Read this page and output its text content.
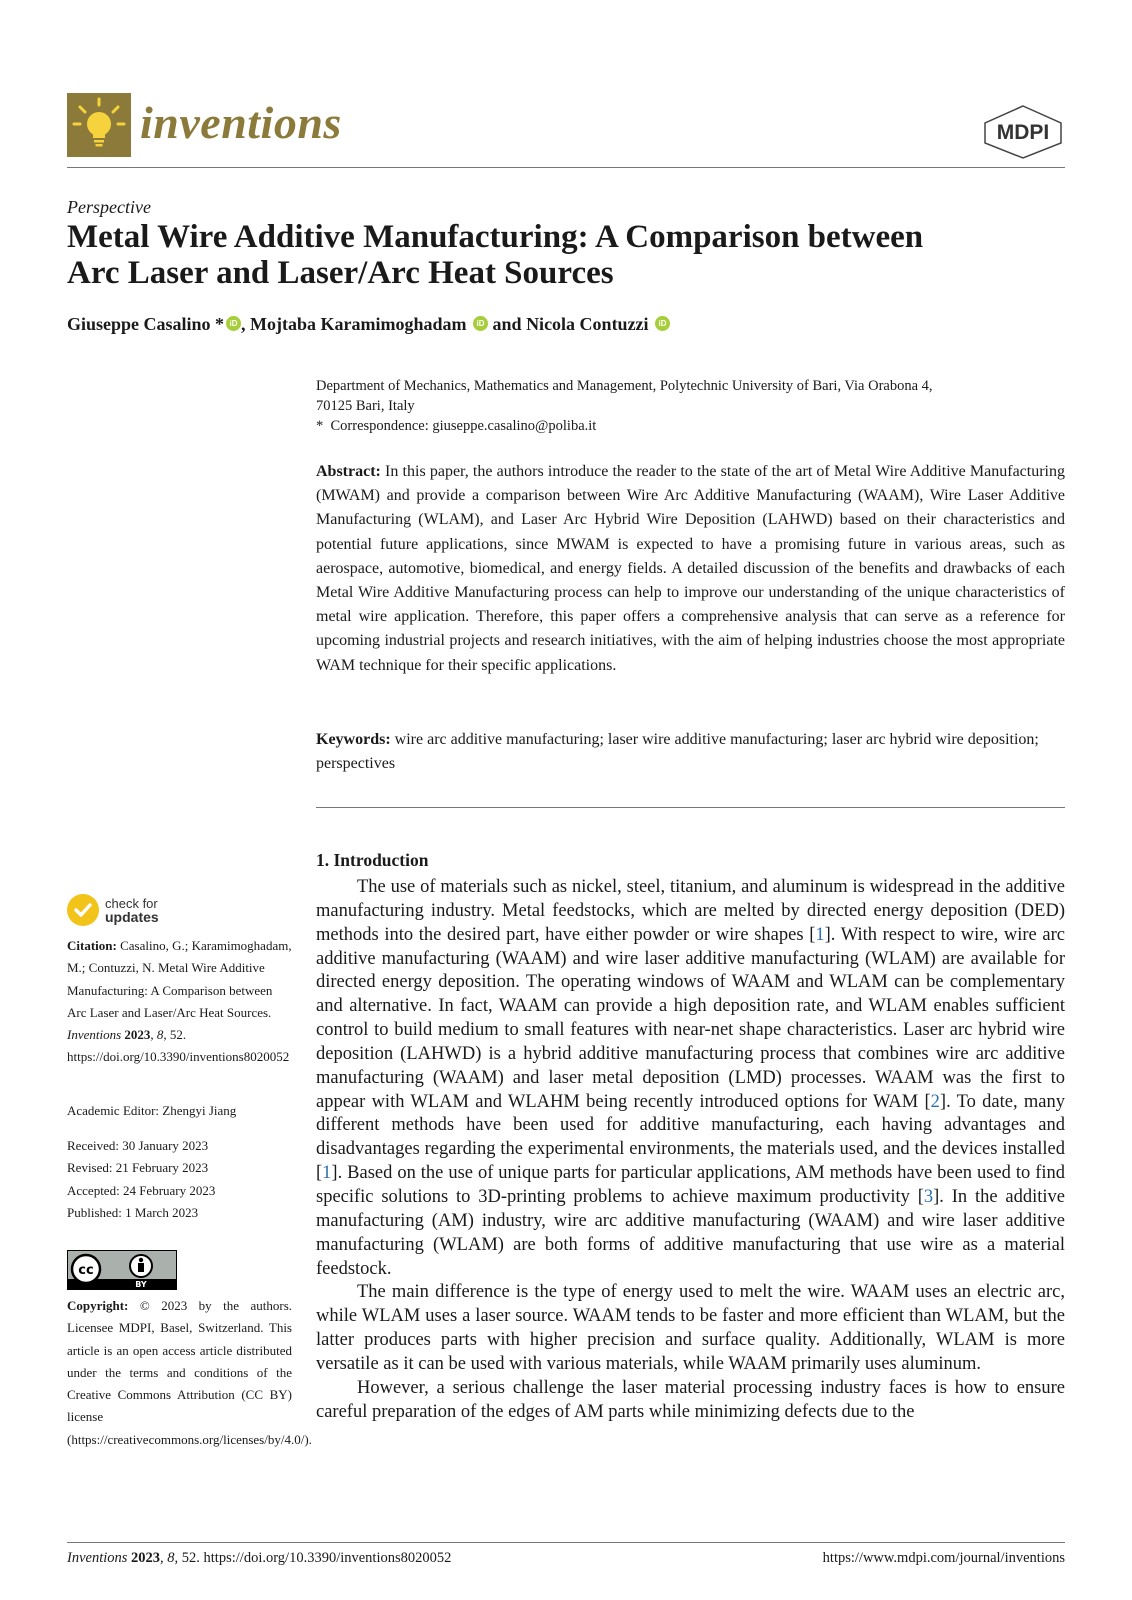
inventions	MDPI
Perspective
Metal Wire Additive Manufacturing: A Comparison between
Arc Laser and Laser/Arc Heat Sources
Giuseppe Casalino * iD , Mojtaba Karamimoghadam iD and Nicola Contuzzi iD
Department of Mechanics, Mathematics and Management, Polytechnic University of Bari, Via Orabona 4,
70125 Bari, Italy
*  Correspondence: giuseppe.casalino@poliba.it
Abstract: In this paper, the authors introduce the reader to the state of the art of Metal Wire Additive Manufacturing (MWAM) and provide a comparison between Wire Arc Additive Manufacturing (WAAM), Wire Laser Additive Manufacturing (WLAM), and Laser Arc Hybrid Wire Deposition (LAHWD) based on their characteristics and potential future applications, since MWAM is expected to have a promising future in various areas, such as aerospace, automotive, biomedical, and energy fields. A detailed discussion of the benefits and drawbacks of each Metal Wire Additive Manufacturing process can help to improve our understanding of the unique characteristics of metal wire application. Therefore, this paper offers a comprehensive analysis that can serve as a reference for upcoming industrial projects and research initiatives, with the aim of helping industries choose the most appropriate WAM technique for their specific applications.
Keywords: wire arc additive manufacturing; laser wire additive manufacturing; laser arc hybrid wire deposition; perspectives
1. Introduction

The use of materials such as nickel, steel, titanium, and aluminum is widespread in the additive manufacturing industry. Metal feedstocks, which are melted by directed energy deposition (DED) methods into the desired part, have either powder or wire shapes [1]. With respect to wire, wire arc additive manufacturing (WAAM) and wire laser additive manufacturing (WLAM) are available for directed energy deposition. The operating windows of WAAM and WLAM can be complementary and alternative. In fact, WAAM can provide a high deposition rate, and WLAM enables sufficient control to build medium to small features with near-net shape characteristics. Laser arc hybrid wire deposition (LAHWD) is a hybrid additive manufacturing process that combines wire arc additive manufacturing (WAAM) and laser metal deposition (LMD) processes. WAAM was the first to appear with WLAM and WLAHM being recently introduced options for WAM [2]. To date, many different methods have been used for additive manufacturing, each having advantages and disadvantages regarding the experimental environments, the materials used, and the devices installed [1]. Based on the use of unique parts for particular applications, AM methods have been used to find specific solutions to 3D-printing problems to achieve maximum productivity [3]. In the additive manufacturing (AM) industry, wire arc additive manufacturing (WAAM) and wire laser additive manufacturing (WLAM) are both forms of additive manufacturing that use wire as a material feedstock.

The main difference is the type of energy used to melt the wire. WAAM uses an electric arc, while WLAM uses a laser source. WAAM tends to be faster and more efficient than WLAM, but the latter produces parts with higher precision and surface quality. Additionally, WLAM is more versatile as it can be used with various materials, while WAAM primarily uses aluminum.

However, a serious challenge the laser material processing industry faces is how to ensure careful preparation of the edges of AM parts while minimizing defects due to the

check for
updates
Citation: Casalino, G.; Karamimoghadam, M.; Contuzzi, N. Metal Wire Additive Manufacturing: A Comparison between Arc Laser and Laser/Arc Heat Sources. Inventions 2023, 8, 52. https://doi.org/10.3390/inventions8020052
Academic Editor: Zhengyi Jiang
Received: 30 January 2023
Revised: 21 February 2023
Accepted: 24 February 2023
Published: 1 March 2023
cc
BY
Copyright: © 2023 by the authors. Licensee MDPI, Basel, Switzerland. This article is an open access article distributed under the terms and conditions of the Creative Commons Attribution (CC BY) license (https://creativecommons.org/licenses/by/4.0/).
Inventions 2023, 8, 52. https://doi.org/10.3390/inventions8020052	https://www.mdpi.com/journal/inventions
